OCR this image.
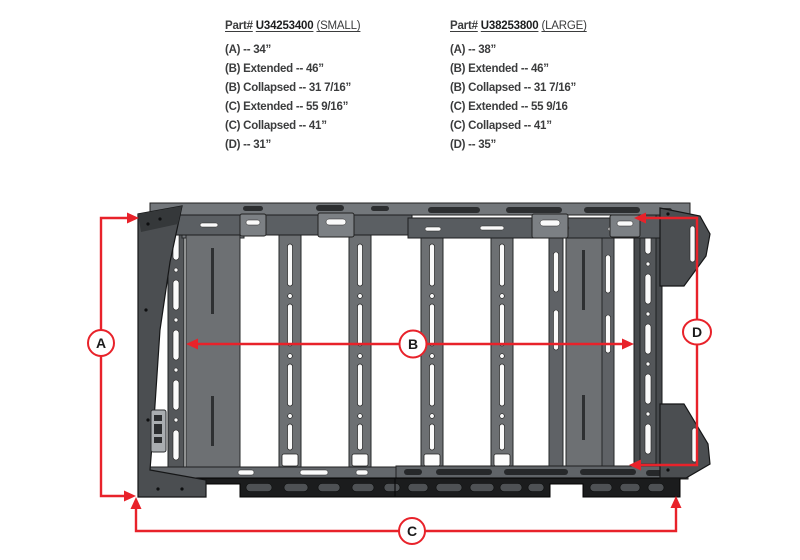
A	B
C
D
Part# U34253400 (SMALL)
(A) -- 34”
(B) Extended -- 46”
(B) Collapsed -- 31 7/16”
(C) Extended -- 55 9/16”
(C) Collapsed -- 41”
(D) -- 31”
Part# U38253800 (LARGE)
(A) -- 38”
(B) Extended -- 46”
(B) Collapsed -- 31 7/16”
(C) Extended -- 55 9/16
(C) Collapsed -- 41”
(D) -- 35”
